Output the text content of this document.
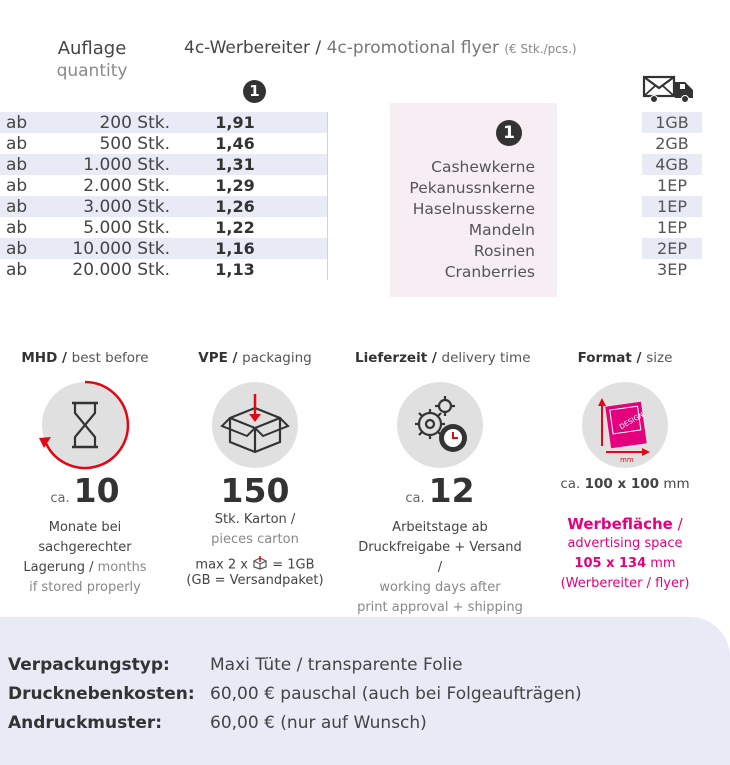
Auflage
quantity
4c-Werbereiter / 4c-promotional flyer (€ Stk./pcs.)
1
ab	200 Stk.	1,91
ab	500 Stk.	1,46
ab	1.000 Stk.	1,31
ab	2.000 Stk.	1,29
ab	3.000 Stk.	1,26
ab	5.000 Stk.	1,22
ab	10.000 Stk.	1,16
ab	20.000 Stk.	1,13
1
Cashewkerne
Pekanussnkerne
Haselnusskerne
Mandeln
Rosinen
Cranberries
1GB
2GB
4GB
1EP
1EP
1EP
2EP
3EP
MHD / best before
ca. 10
Monate bei
sachgerechter
Lagerung / months
if stored properly
VPE / packaging
150
Stk. Karton /
pieces carton
max 2 x = 1GB
(GB = Versandpaket)
Lieferzeit / delivery time
ca. 12
Arbeitstage ab
Druckfreigabe + Versand /
working days after
print approval + shipping
Format / size
DESIGN
mm
ca. 100 x 100 mm
Werbefläche /
advertising space
105 x 134 mm
(Werbereiter / flyer)
Verpackungstyp: Maxi Tüte / transparente Folie
Drucknebenkosten: 60,00 € pauschal (auch bei Folgeaufträgen)
Andruckmuster:	60,00 € (nur auf Wunsch)
